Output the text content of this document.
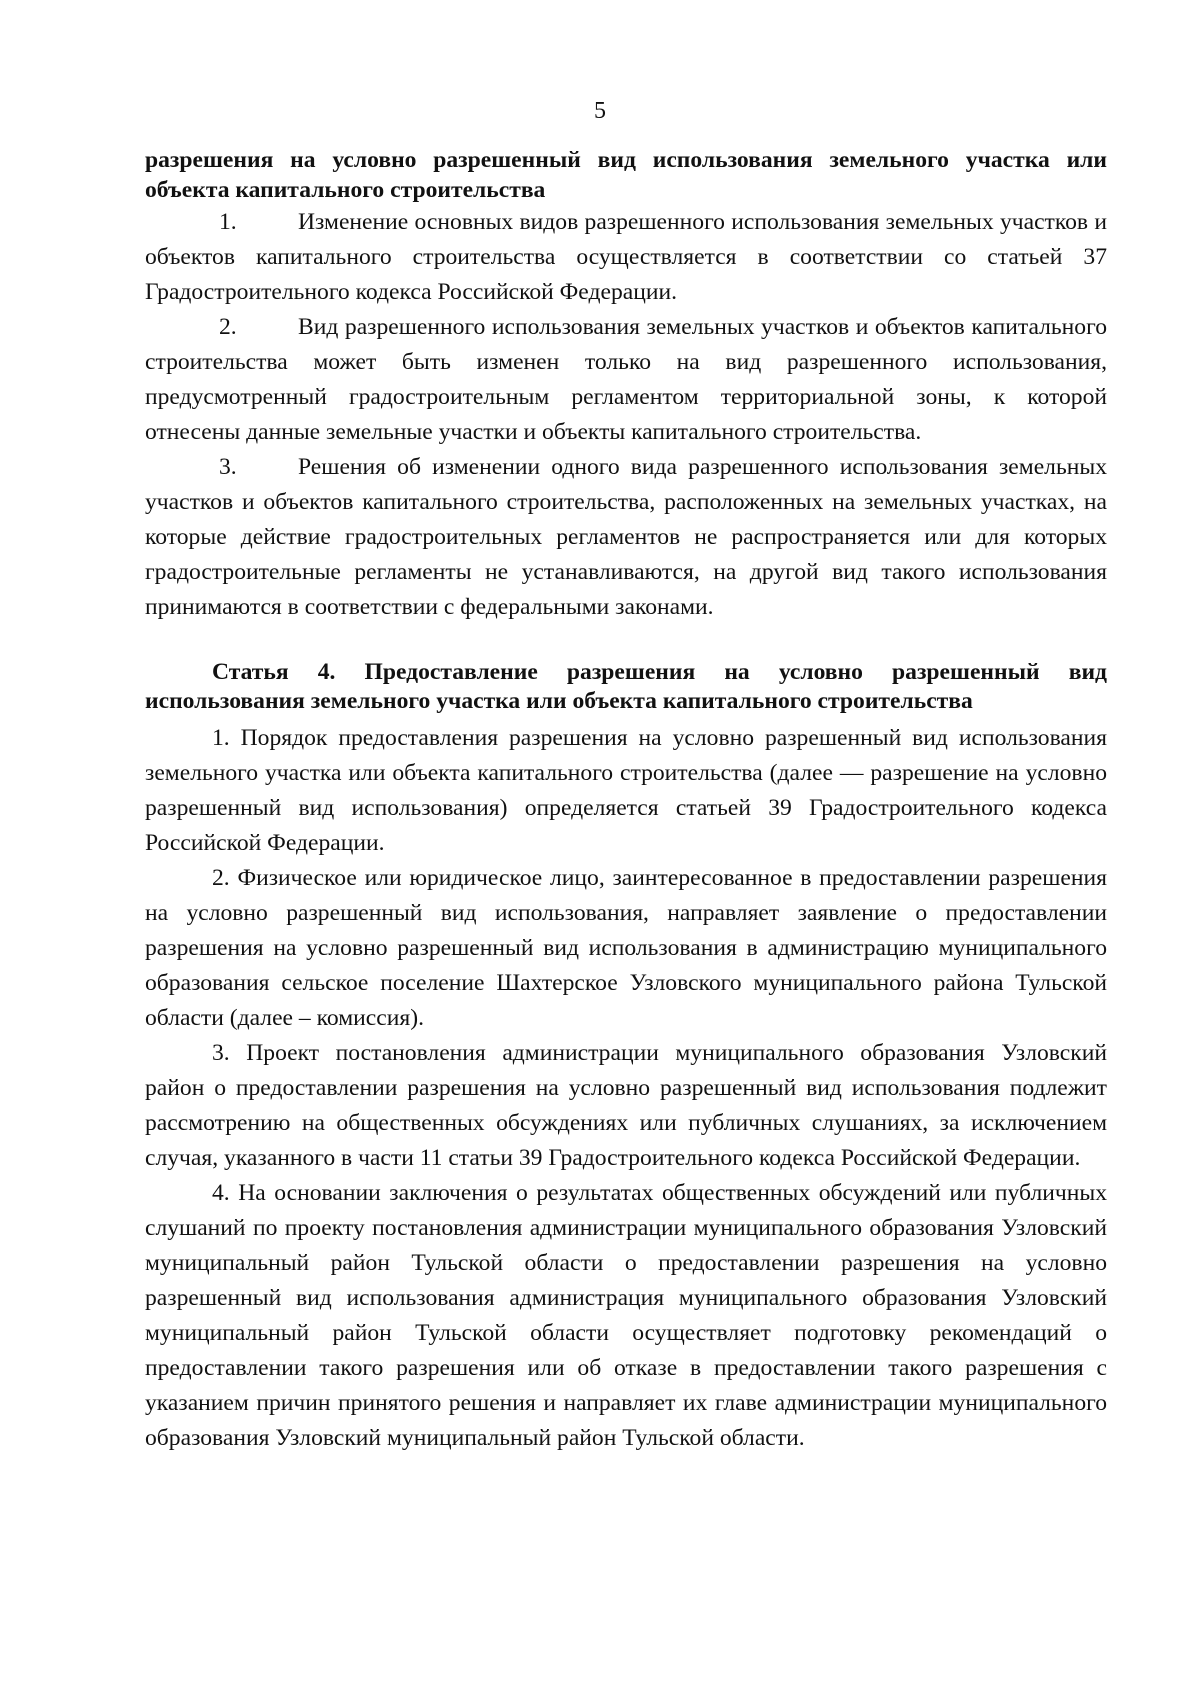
5

разрешения на условно разрешенный вид использования земельного участка или объекта капитального строительства

1.	Изменение основных видов разрешенного использования земельных участков и объектов капитального строительства осуществляется в соответствии со статьей 37 Градостроительного кодекса Российской Федерации.

2.	Вид разрешенного использования земельных участков и объектов капитального строительства может быть изменен только на вид разрешенного использования, предусмотренный градостроительным регламентом территориальной зоны, к которой отнесены данные земельные участки и объекты капитального строительства.

3.	Решения об изменении одного вида разрешенного использования земельных участков и объектов капитального строительства, расположенных на земельных участках, на которые действие градостроительных регламентов не распространяется или для которых градостроительные регламенты не устанавливаются, на другой вид такого использования принимаются в соответствии с федеральными законами.

Статья 4. Предоставление разрешения на условно разрешенный вид использования земельного участка или объекта капитального строительства

1. Порядок предоставления разрешения на условно разрешенный вид использования земельного участка или объекта капитального строительства (далее — разрешение на условно разрешенный вид использования) определяется статьей 39 Градостроительного кодекса Российской Федерации.

2. Физическое или юридическое лицо, заинтересованное в предоставлении разрешения на условно разрешенный вид использования, направляет заявление о предоставлении разрешения на условно разрешенный вид использования в администрацию муниципального образования сельское поселение Шахтерское Узловского муниципального района Тульской области (далее – комиссия).

3. Проект постановления администрации муниципального образования Узловский район о предоставлении разрешения на условно разрешенный вид использования подлежит рассмотрению на общественных обсуждениях или публичных слушаниях, за исключением случая, указанного в части 11 статьи 39 Градостроительного кодекса Российской Федерации.

4. На основании заключения о результатах общественных обсуждений или публичных слушаний по проекту постановления администрации муниципального образования Узловский муниципальный район Тульской области о предоставлении разрешения на условно разрешенный вид использования администрация муниципального образования Узловский муниципальный район Тульской области осуществляет подготовку рекомендаций о предоставлении такого разрешения или об отказе в предоставлении такого разрешения с указанием причин принятого решения и направляет их главе администрации муниципального образования Узловский муниципальный район Тульской области.
